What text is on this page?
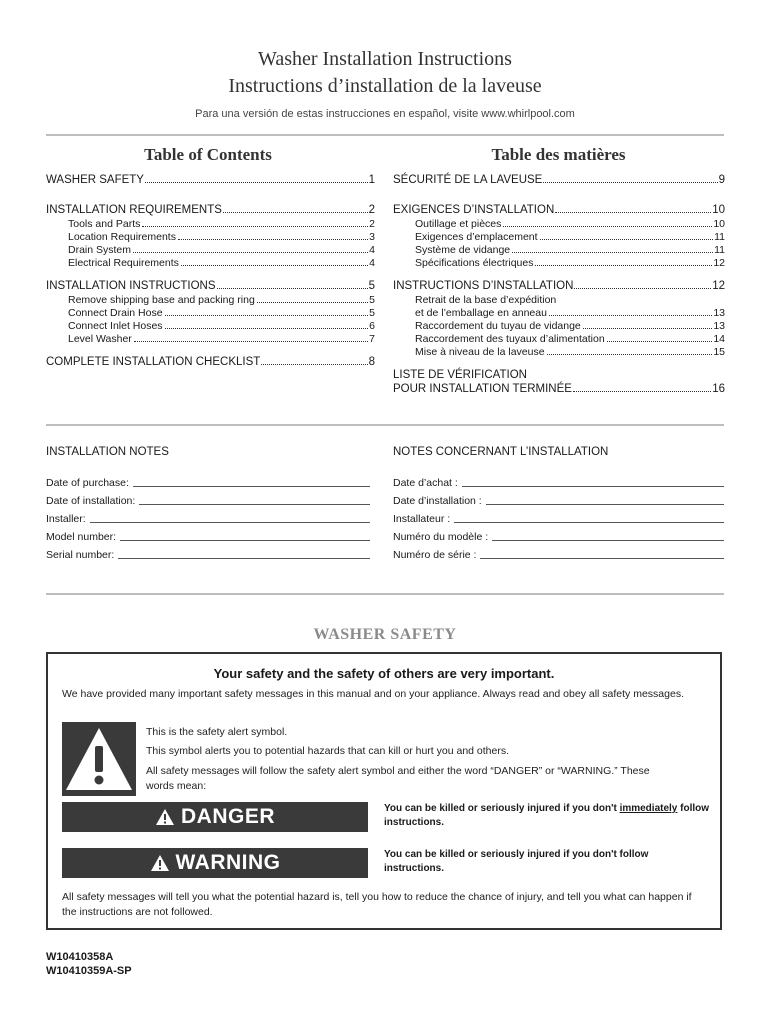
Washer Installation Instructions
Instructions d’installation de la laveuse
Para una versión de estas instrucciones en español, visite www.whirlpool.com
Table of Contents	Table des matières
WASHER SAFETY	1
INSTALLATION REQUIREMENTS	2
Tools and Parts	2
Location Requirements	3
Drain System	4
Electrical Requirements	4
INSTALLATION INSTRUCTIONS	5
Remove shipping base and packing ring	5
Connect Drain Hose	5
Connect Inlet Hoses	6
Level Washer	7
COMPLETE INSTALLATION CHECKLIST	8
SÉCURITÉ DE LA LAVEUSE	9
EXIGENCES D’INSTALLATION	10
Outillage et pièces	10
Exigences d’emplacement	11
Système de vidange	11
Spécifications électriques	12
INSTRUCTIONS D’INSTALLATION	12
Retrait de la base d’expédition
et de l’emballage en anneau	13
Raccordement du tuyau de vidange	13
Raccordement des tuyaux d’alimentation	14
Mise à niveau de la laveuse	15
LISTE DE VÉRIFICATION
POUR INSTALLATION TERMINÉE	16
INSTALLATION NOTES	NOTES CONCERNANT L’INSTALLATION
Date of purchase:
Date of installation:
Installer:
Model number:
Serial number:
Date d’achat :
Date d’installation :
Installateur :
Numéro du modèle :
Numéro de série :
WASHER SAFETY
Your safety and the safety of others are very important.
We have provided many important safety messages in this manual and on your appliance. Always read and obey all safety messages.
This is the safety alert symbol.
This symbol alerts you to potential hazards that can kill or hurt you and others.
All safety messages will follow the safety alert symbol and either the word “DANGER” or “WARNING.” These words mean:
DANGER	You can be killed or seriously injured if you don't immediately follow instructions.
WARNING	You can be killed or seriously injured if you don't follow instructions.
All safety messages will tell you what the potential hazard is, tell you how to reduce the chance of injury, and tell you what can happen if the instructions are not followed.
W10410358A
W10410359A-SP
